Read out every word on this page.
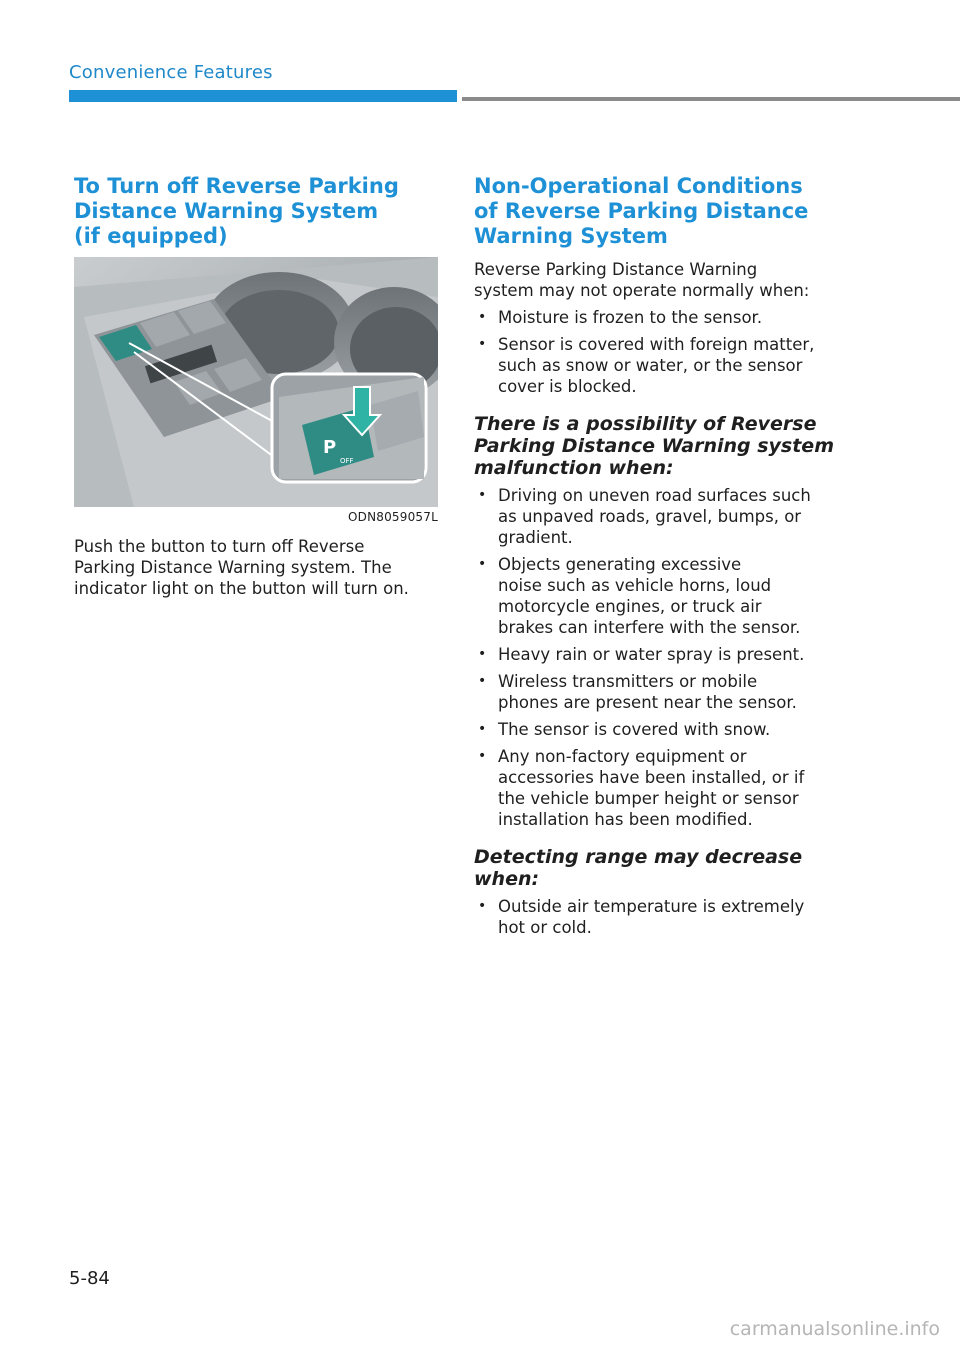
Convenience Features
To Turn off Reverse Parking
Distance Warning System
(if equipped)
P
OFF
ODN8059057L

Push the button to turn off Reverse
Parking Distance Warning system. The
indicator light on the button will turn on.

Non-Operational Conditions
of Reverse Parking Distance
Warning System

Reverse Parking Distance Warning
system may not operate normally when:

• Moisture is frozen to the sensor.
• Sensor is covered with foreign matter,
such as snow or water, or the sensor
cover is blocked.
There is a possibility of Reverse
Parking Distance Warning system
malfunction when:
• Driving on uneven road surfaces such
as unpaved roads, gravel, bumps, or
gradient.
• Objects generating excessive
noise such as vehicle horns, loud
motorcycle engines, or truck air
brakes can interfere with the sensor.
• Heavy rain or water spray is present.
• Wireless transmitters or mobile
phones are present near the sensor.
• The sensor is covered with snow.
• Any non-factory equipment or
accessories have been installed, or if
the vehicle bumper height or sensor
installation has been modified.
Detecting range may decrease
when:
• Outside air temperature is extremely
hot or cold.
5-84
carmanualsonline.info
